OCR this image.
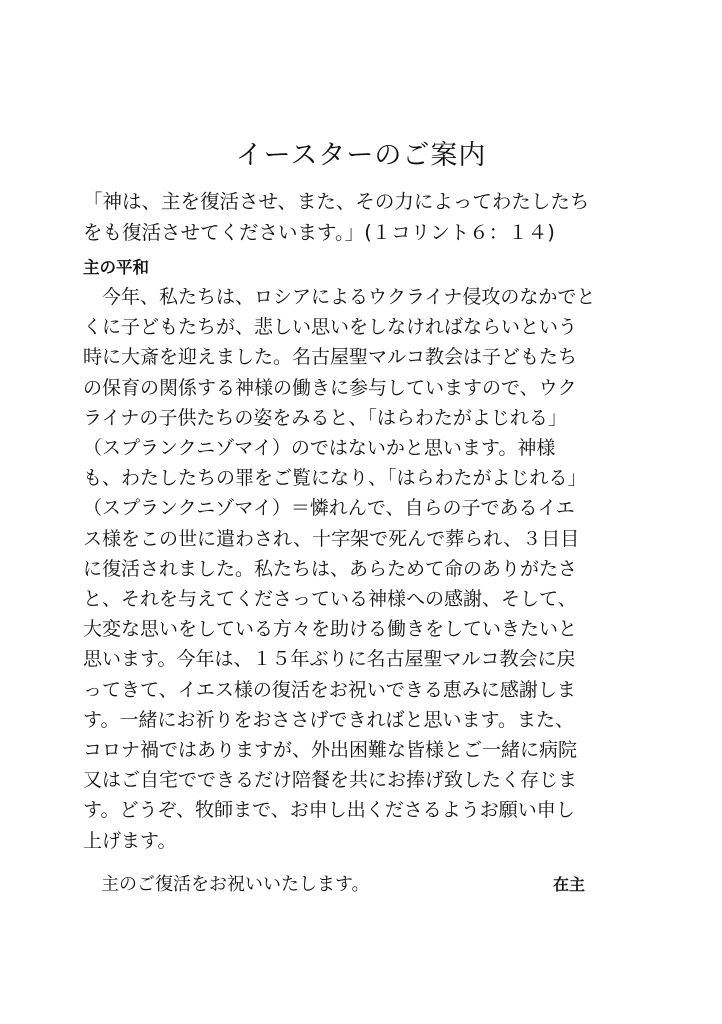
イースターのご案内
「神は、主を復活させ、また、その力によってわたしたち
をも復活させてくださいます。」(１コリント６：１４)
主の平和
　今年、私たちは、ロシアによるウクライナ侵攻のなかでと
くに子どもたちが、悲しい思いをしなければならいという
時に大斎を迎えました。名古屋聖マルコ教会は子どもたち
の保育の関係する神様の働きに参与していますので、ウク
ライナの子供たちの姿をみると、「はらわたがよじれる」
（スプランクニゾマイ）のではないかと思います。神様
も、わたしたちの罪をご覧になり、「はらわたがよじれる」
（スプランクニゾマイ）＝憐れんで、自らの子であるイエ
ス様をこの世に遣わされ、十字架で死んで葬られ、３日目
に復活されました。私たちは、あらためて命のありがたさ
と、それを与えてくださっている神様への感謝、そして、
大変な思いをしている方々を助ける働きをしていきたいと
思います。今年は、１５年ぶりに名古屋聖マルコ教会に戻
ってきて、イエス様の復活をお祝いできる恵みに感謝しま
す。一緒にお祈りをおささげできればと思います。また、
コロナ禍ではありますが、外出困難な皆様とご一緒に病院
又はご自宅でできるだけ陪餐を共にお捧げ致したく存じま
す。どうぞ、牧師まで、お申し出くださるようお願い申し
上げます。
　主のご復活をお祝いいたします。	在主
